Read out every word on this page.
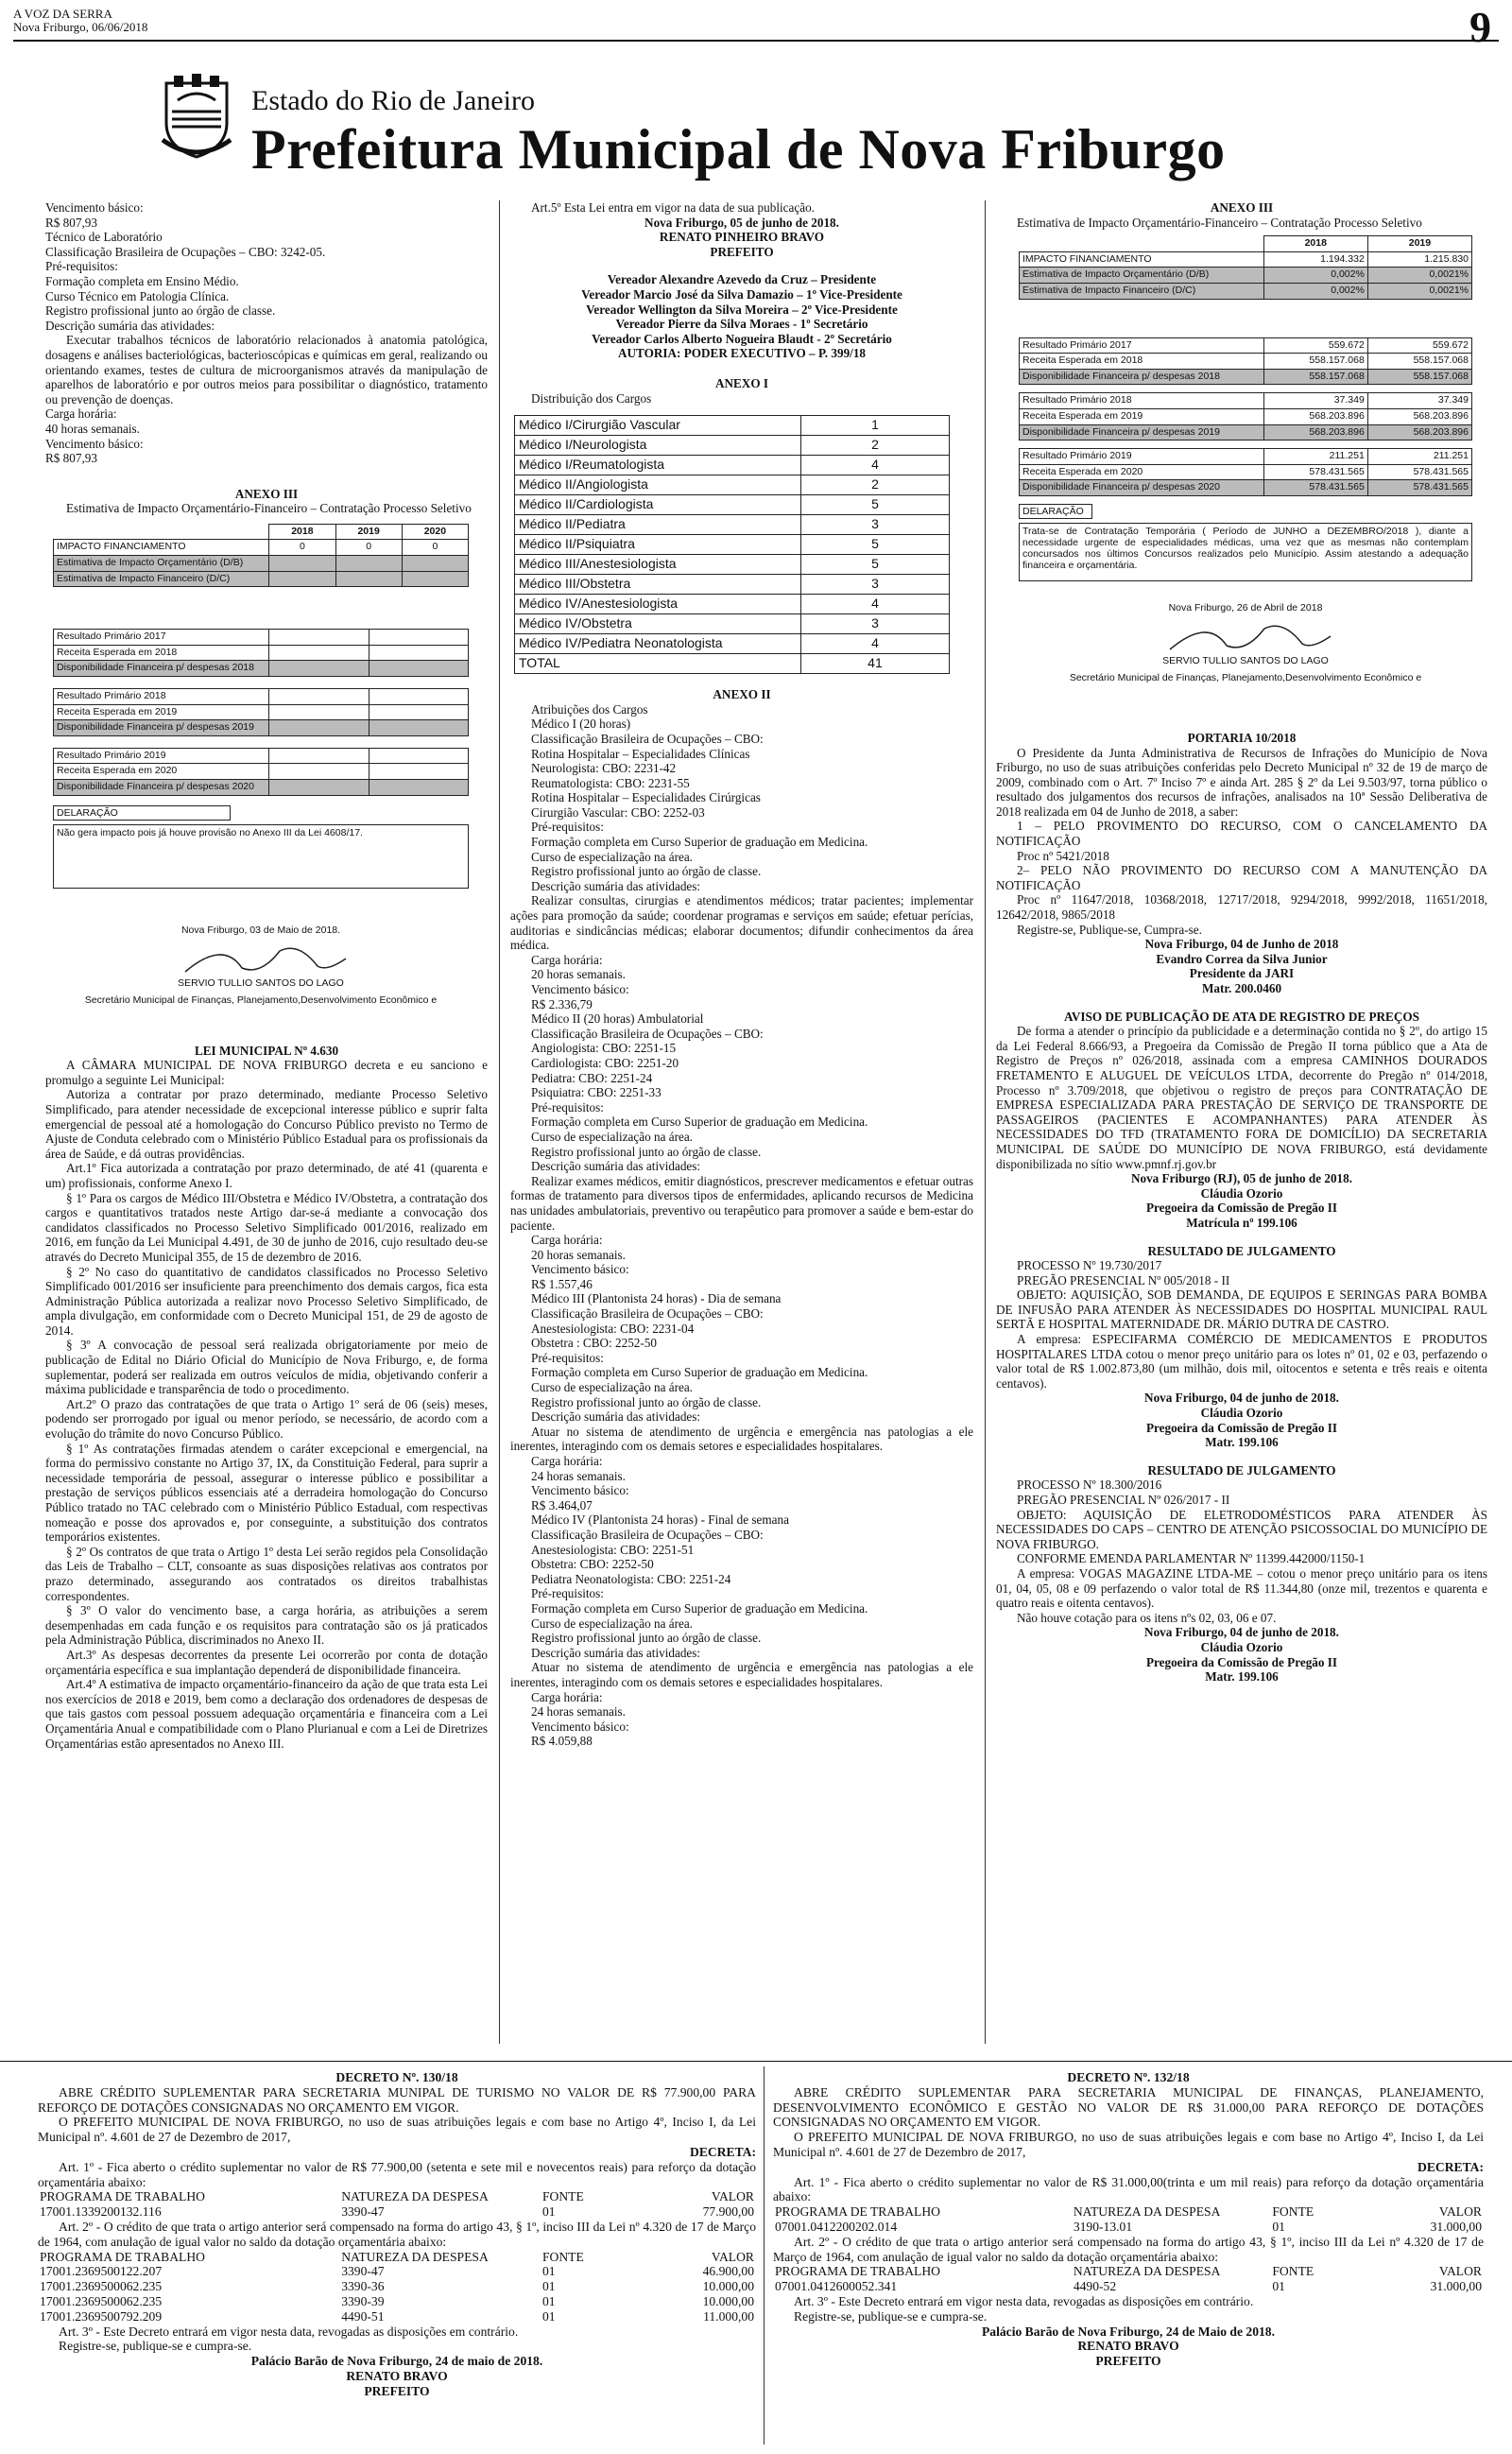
A VOZ DA SERRA
Nova Friburgo, 06/06/2018	9
Estado do Rio de Janeiro
Prefeitura Municipal de Nova Friburgo

Vencimento básico:

R$ 807,93

Técnico de Laboratório

Classificação Brasileira de Ocupações – CBO: 3242-05.

Pré-requisitos:

Formação completa em Ensino Médio.

Curso Técnico em Patologia Clínica.

Registro profissional junto ao órgão de classe.

Descrição sumária das atividades:

Executar trabalhos técnicos de laboratório relacionados à anatomia patológica, dosagens e análises bacteriológicas, bacterioscópicas e químicas em geral, realizando ou orientando exames, testes de cultura de microorganismos através da manipulação de aparelhos de laboratório e por outros meios para possibilitar o diagnóstico, tratamento ou prevenção de doenças.

Carga horária:

40 horas semanais.

Vencimento básico:

R$ 807,93

ANEXO III

Estimativa de Impacto Orçamentário-Financeiro – Contratação Processo Seletivo

	2018	2019	2020
IMPACTO FINANCIAMENTO	0	0	0
Estimativa de Impacto Orçamentário (D/B)			
Estimativa de Impacto Financeiro (D/C)			
Resultado Primário 2017		
Receita Esperada em 2018		
Disponibilidade Financeira p/ despesas 2018		
Resultado Primário 2018		
Receita Esperada em 2019		
Disponibilidade Financeira p/ despesas 2019		
Resultado Primário 2019		
Receita Esperada em 2020		
Disponibilidade Financeira p/ despesas 2020		
DELARAÇÃO
Não gera impacto pois já houve provisão no Anexo III da Lei 4608/17.
Nova Friburgo, 03 de Maio de 2018.
SERVIO TULLIO SANTOS DO LAGO
Secretário Municipal de Finanças, Planejamento,Desenvolvimento Econômico e

LEI MUNICIPAL Nº 4.630

A CÂMARA MUNICIPAL DE NOVA FRIBURGO decreta e eu sanciono e promulgo a seguinte Lei Municipal:

Autoriza a contratar por prazo determinado, mediante Processo Seletivo Simplificado, para atender necessidade de excepcional interesse público e suprir falta emergencial de pessoal até a homologação do Concurso Público previsto no Termo de Ajuste de Conduta celebrado com o Ministério Público Estadual para os profissionais da área de Saúde, e dá outras providências.

Art.1º Fica autorizada a contratação por prazo determinado, de até 41 (quarenta e um) profissionais, conforme Anexo I.

§ 1º Para os cargos de Médico III/Obstetra e Médico IV/Obstetra, a contratação dos cargos e quantitativos tratados neste Artigo dar-se-á mediante a convocação dos candidatos classificados no Processo Seletivo Simplificado 001/2016, realizado em 2016, em função da Lei Municipal 4.491, de 30 de junho de 2016, cujo resultado deu-se através do Decreto Municipal 355, de 15 de dezembro de 2016.

§ 2º No caso do quantitativo de candidatos classificados no Processo Seletivo Simplificado 001/2016 ser insuficiente para preenchimento dos demais cargos, fica esta Administração Pública autorizada a realizar novo Processo Seletivo Simplificado, de ampla divulgação, em conformidade com o Decreto Municipal 151, de 29 de agosto de 2014.

§ 3º A convocação de pessoal será realizada obrigatoriamente por meio de publicação de Edital no Diário Oficial do Município de Nova Friburgo, e, de forma suplementar, poderá ser realizada em outros veículos de mídia, objetivando conferir a máxima publicidade e transparência de todo o procedimento.

Art.2º O prazo das contratações de que trata o Artigo 1º será de 06 (seis) meses, podendo ser prorrogado por igual ou menor período, se necessário, de acordo com a evolução do trâmite do novo Concurso Público.

§ 1º As contratações firmadas atendem o caráter excepcional e emergencial, na forma do permissivo constante no Artigo 37, IX, da Constituição Federal, para suprir a necessidade temporária de pessoal, assegurar o interesse público e possibilitar a prestação de serviços públicos essenciais até a derradeira homologação do Concurso Público tratado no TAC celebrado com o Ministério Público Estadual, com respectivas nomeação e posse dos aprovados e, por conseguinte, a substituição dos contratos temporários existentes.

§ 2º Os contratos de que trata o Artigo 1º desta Lei serão regidos pela Consolidação das Leis de Trabalho – CLT, consoante as suas disposições relativas aos contratos por prazo determinado, assegurando aos contratados os direitos trabalhistas correspondentes.

§ 3º O valor do vencimento base, a carga horária, as atribuições a serem desempenhadas em cada função e os requisitos para contratação são os já praticados pela Administração Pública, discriminados no Anexo II.

Art.3º As despesas decorrentes da presente Lei ocorrerão por conta de dotação orçamentária específica e sua implantação dependerá de disponibilidade financeira.

Art.4º A estimativa de impacto orçamentário-financeiro da ação de que trata esta Lei nos exercícios de 2018 e 2019, bem como a declaração dos ordenadores de despesas de que tais gastos com pessoal possuem adequação orçamentária e financeira com a Lei Orçamentária Anual e compatibilidade com o Plano Plurianual e com a Lei de Diretrizes Orçamentárias estão apresentados no Anexo III.

Art.5º Esta Lei entra em vigor na data de sua publicação.

Nova Friburgo, 05 de junho de 2018.

RENATO PINHEIRO BRAVO

PREFEITO

Vereador Alexandre Azevedo da Cruz – Presidente

Vereador Marcio José da Silva Damazio – 1º Vice-Presidente

Vereador Wellington da Silva Moreira – 2º Vice-Presidente

Vereador Pierre da Silva Moraes - 1º Secretário

Vereador Carlos Alberto Nogueira Blaudt - 2º Secretário

AUTORIA: PODER EXECUTIVO – P. 399/18

ANEXO I

Distribuição dos Cargos

Médico I/Cirurgião Vascular	1
Médico I/Neurologista	2
Médico I/Reumatologista	4
Médico II/Angiologista	2
Médico II/Cardiologista	5
Médico II/Pediatra	3
Médico II/Psiquiatra	5
Médico III/Anestesiologista	5
Médico III/Obstetra	3
Médico IV/Anestesiologista	4
Médico IV/Obstetra	3
Médico IV/Pediatra Neonatologista	4
TOTAL	41

ANEXO II

Atribuições dos Cargos

Médico I (20 horas)

Classificação Brasileira de Ocupações – CBO:

Rotina Hospitalar – Especialidades Clínicas

Neurologista: CBO: 2231-42

Reumatologista: CBO: 2231-55

Rotina Hospitalar – Especialidades Cirúrgicas

Cirurgião Vascular: CBO: 2252-03

Pré-requisitos:

Formação completa em Curso Superior de graduação em Medicina.

Curso de especialização na área.

Registro profissional junto ao órgão de classe.

Descrição sumária das atividades:

Realizar consultas, cirurgias e atendimentos médicos; tratar pacientes; implementar ações para promoção da saúde; coordenar programas e serviços em saúde; efetuar perícias, auditorias e sindicâncias médicas; elaborar documentos; difundir conhecimentos da área médica.

Carga horária:

20 horas semanais.

Vencimento básico:

R$ 2.336,79

Médico II (20 horas) Ambulatorial

Classificação Brasileira de Ocupações – CBO:

Angiologista: CBO: 2251-15

Cardiologista: CBO: 2251-20

Pediatra: CBO: 2251-24

Psiquiatra: CBO: 2251-33

Pré-requisitos:

Formação completa em Curso Superior de graduação em Medicina.

Curso de especialização na área.

Registro profissional junto ao órgão de classe.

Descrição sumária das atividades:

Realizar exames médicos, emitir diagnósticos, prescrever medicamentos e efetuar outras formas de tratamento para diversos tipos de enfermidades, aplicando recursos de Medicina nas unidades ambulatoriais, preventivo ou terapêutico para promover a saúde e bem-estar do paciente.

Carga horária:

20 horas semanais.

Vencimento básico:

R$ 1.557,46

Médico III (Plantonista 24 horas) - Dia de semana

Classificação Brasileira de Ocupações – CBO:

Anestesiologista: CBO: 2231-04

Obstetra : CBO: 2252-50

Pré-requisitos:

Formação completa em Curso Superior de graduação em Medicina.

Curso de especialização na área.

Registro profissional junto ao órgão de classe.

Descrição sumária das atividades:

Atuar no sistema de atendimento de urgência e emergência nas patologias a ele inerentes, interagindo com os demais setores e especialidades hospitalares.

Carga horária:

24 horas semanais.

Vencimento básico:

R$ 3.464,07

Médico IV (Plantonista 24 horas) - Final de semana

Classificação Brasileira de Ocupações – CBO:

Anestesiologista: CBO: 2251-51

Obstetra: CBO: 2252-50

Pediatra Neonatologista: CBO: 2251-24

Pré-requisitos:

Formação completa em Curso Superior de graduação em Medicina.

Curso de especialização na área.

Registro profissional junto ao órgão de classe.

Descrição sumária das atividades:

Atuar no sistema de atendimento de urgência e emergência nas patologias a ele inerentes, interagindo com os demais setores e especialidades hospitalares.

Carga horária:

24 horas semanais.

Vencimento básico:

R$ 4.059,88

ANEXO III

Estimativa de Impacto Orçamentário-Financeiro – Contratação Processo Seletivo

	2018	2019
IMPACTO FINANCIAMENTO	1.194.332	1.215.830
Estimativa de Impacto Orçamentário (D/B)	0,002%	0,0021%
Estimativa de Impacto Financeiro (D/C)	0,002%	0,0021%
Resultado Primário 2017	559.672	559.672
Receita Esperada em 2018	558.157.068	558.157.068
Disponibilidade Financeira p/ despesas 2018	558.157.068	558.157.068
Resultado Primário 2018	37.349	37.349
Receita Esperada em 2019	568.203.896	568.203.896
Disponibilidade Financeira p/ despesas 2019	568.203.896	568.203.896
Resultado Primário 2019	211.251	211.251
Receita Esperada em 2020	578.431.565	578.431.565
Disponibilidade Financeira p/ despesas 2020	578.431.565	578.431.565
DELARAÇÃO
Trata-se de Contratação Temporária ( Período de JUNHO a DEZEMBRO/2018 ), diante a necessidade urgente de especialidades médicas, uma vez que as mesmas não contemplam concursados nos últimos Concursos realizados pelo Município. Assim atestando a adequação financeira e orçamentária.
Nova Friburgo, 26 de Abril de 2018
SERVIO TULLIO SANTOS DO LAGO
Secretário Municipal de Finanças, Planejamento,Desenvolvimento Econômico e

PORTARIA 10/2018

O Presidente da Junta Administrativa de Recursos de Infrações do Município de Nova Friburgo, no uso de suas atribuições conferidas pelo Decreto Municipal nº 32 de 19 de março de 2009, combinado com o Art. 7º Inciso 7º e ainda Art. 285 § 2º da Lei 9.503/97, torna público o resultado dos julgamentos dos recursos de infrações, analisados na 10ª Sessão Deliberativa de 2018 realizada em 04 de Junho de 2018, a saber:

1 – PELO PROVIMENTO DO RECURSO, COM O CANCELAMENTO DA NOTIFICAÇÃO

Proc nº 5421/2018

2– PELO NÃO PROVIMENTO DO RECURSO COM A MANUTENÇÃO DA NOTIFICAÇÃO

Proc nº 11647/2018, 10368/2018, 12717/2018, 9294/2018, 9992/2018, 11651/2018, 12642/2018, 9865/2018

Registre-se, Publique-se, Cumpra-se.

Nova Friburgo, 04 de Junho de 2018

Evandro Correa da Silva Junior

Presidente da JARI

Matr. 200.0460

AVISO DE PUBLICAÇÃO DE ATA DE REGISTRO DE PREÇOS

De forma a atender o princípio da publicidade e a determinação contida no § 2º, do artigo 15 da Lei Federal 8.666/93, a Pregoeira da Comissão de Pregão II torna público que a Ata de Registro de Preços nº 026/2018, assinada com a empresa CAMINHOS DOURADOS FRETAMENTO E ALUGUEL DE VEÍCULOS LTDA, decorrente do Pregão nº 014/2018, Processo nº 3.709/2018, que objetivou o registro de preços para CONTRATAÇÃO DE EMPRESA ESPECIALIZADA PARA PRESTAÇÃO DE SERVIÇO DE TRANSPORTE DE PASSAGEIROS (PACIENTES E ACOMPANHANTES) PARA ATENDER ÀS NECESSIDADES DO TFD (TRATAMENTO FORA DE DOMICÍLIO) DA SECRETARIA MUNICIPAL DE SAÚDE DO MUNICÍPIO DE NOVA FRIBURGO, está devidamente disponibilizada no sítio www.pmnf.rj.gov.br

Nova Friburgo (RJ), 05 de junho de 2018.

Cláudia Ozorio

Pregoeira da Comissão de Pregão II

Matrícula nº 199.106

RESULTADO DE JULGAMENTO

PROCESSO Nº 19.730/2017

PREGÃO PRESENCIAL Nº 005/2018 - II

OBJETO: AQUISIÇÃO, SOB DEMANDA, DE EQUIPOS E SERINGAS PARA BOMBA DE INFUSÃO PARA ATENDER ÀS NECESSIDADES DO HOSPITAL MUNICIPAL RAUL SERTÃ E HOSPITAL MATERNIDADE DR. MÁRIO DUTRA DE CASTRO.

A empresa: ESPECIFARMA COMÉRCIO DE MEDICAMENTOS E PRODUTOS HOSPITALARES LTDA cotou o menor preço unitário para os lotes nº 01, 02 e 03, perfazendo o valor total de R$ 1.002.873,80 (um milhão, dois mil, oitocentos e setenta e três reais e oitenta centavos).

Nova Friburgo, 04 de junho de 2018.

Cláudia Ozorio

Pregoeira da Comissão de Pregão II

Matr. 199.106

RESULTADO DE JULGAMENTO

PROCESSO Nº 18.300/2016

PREGÃO PRESENCIAL Nº 026/2017 - II

OBJETO: AQUISIÇÃO DE ELETRODOMÉSTICOS PARA ATENDER ÀS NECESSIDADES DO CAPS – CENTRO DE ATENÇÃO PSICOSSOCIAL DO MUNICÍPIO DE NOVA FRIBURGO.

CONFORME EMENDA PARLAMENTAR Nº 11399.442000/1150-1

A empresa: VOGAS MAGAZINE LTDA-ME – cotou o menor preço unitário para os itens 01, 04, 05, 08 e 09 perfazendo o valor total de R$ 11.344,80 (onze mil, trezentos e quarenta e quatro reais e oitenta centavos).

Não houve cotação para os itens nºs 02, 03, 06 e 07.

Nova Friburgo, 04 de junho de 2018.

Cláudia Ozorio

Pregoeira da Comissão de Pregão II

Matr. 199.106

DECRETO Nº. 130/18

ABRE CRÉDITO SUPLEMENTAR PARA SECRETARIA MUNIPAL DE TURISMO NO VALOR DE R$ 77.900,00 PARA REFORÇO DE DOTAÇÕES CONSIGNADAS NO ORÇAMENTO EM VIGOR.

O PREFEITO MUNICIPAL DE NOVA FRIBURGO, no uso de suas atribuições legais e com base no Artigo 4º, Inciso I, da Lei Municipal nº. 4.601 de 27 de Dezembro de 2017,

DECRETA:

Art. 1º - Fica aberto o crédito suplementar no valor de R$ 77.900,00 (setenta e sete mil e novecentos reais) para reforço da dotação orçamentária abaixo:

PROGRAMA DE TRABALHO	NATUREZA DA DESPESA	FONTE	VALOR
17001.1339200132.116	3390-47	01	77.900,00

Art. 2º - O crédito de que trata o artigo anterior será compensado na forma do artigo 43, § 1º, inciso III da Lei nº 4.320 de 17 de Março de 1964, com anulação de igual valor no saldo da dotação orçamentária abaixo:

PROGRAMA DE TRABALHO	NATUREZA DA DESPESA	FONTE	VALOR
17001.2369500122.207	3390-47	01	46.900,00
17001.2369500062.235	3390-36	01	10.000,00
17001.2369500062.235	3390-39	01	10.000,00
17001.2369500792.209	4490-51	01	11.000,00

Art. 3º - Este Decreto entrará em vigor nesta data, revogadas as disposições em contrário.

Registre-se, publique-se e cumpra-se.

Palácio Barão de Nova Friburgo, 24 de maio de 2018.

RENATO BRAVO

PREFEITO

DECRETO Nº. 132/18

ABRE CRÉDITO SUPLEMENTAR PARA SECRETARIA MUNICIPAL DE FINANÇAS, PLANEJAMENTO, DESENVOLVIMENTO ECONÔMICO E GESTÃO NO VALOR DE R$ 31.000,00 PARA REFORÇO DE DOTAÇÕES CONSIGNADAS NO ORÇAMENTO EM VIGOR.

O PREFEITO MUNICIPAL DE NOVA FRIBURGO, no uso de suas atribuições legais e com base no Artigo 4º, Inciso I, da Lei Municipal nº. 4.601 de 27 de Dezembro de 2017,

DECRETA:

Art. 1º - Fica aberto o crédito suplementar no valor de R$ 31.000,00(trinta e um mil reais) para reforço da dotação orçamentária abaixo:

PROGRAMA DE TRABALHO	NATUREZA DA DESPESA	FONTE	VALOR
07001.0412200202.014	3190-13.01	01	31.000,00

Art. 2º - O crédito de que trata o artigo anterior será compensado na forma do artigo 43, § 1º, inciso III da Lei nº 4.320 de 17 de Março de 1964, com anulação de igual valor no saldo da dotação orçamentária abaixo:

PROGRAMA DE TRABALHO	NATUREZA DA DESPESA	FONTE	VALOR
07001.0412600052.341	4490-52	01	31.000,00

Art. 3º - Este Decreto entrará em vigor nesta data, revogadas as disposições em contrário.

Registre-se, publique-se e cumpra-se.

Palácio Barão de Nova Friburgo, 24 de Maio de 2018.

RENATO BRAVO

PREFEITO
